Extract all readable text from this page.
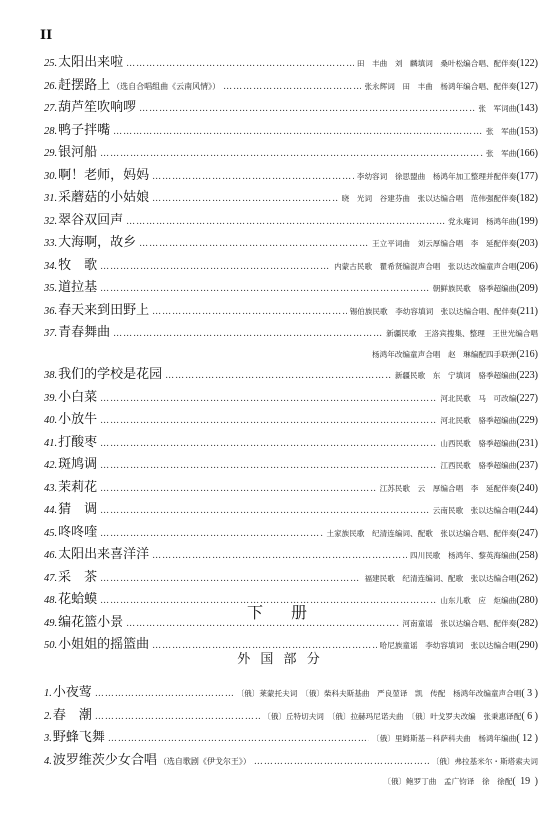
II
25. 太阳出来啦 ………………………………………………………………………………………………………………………………………………	田　丰曲　刘　麟填词　桑叶松编合唱、配伴奏 (122)
26. 赶摆路上 （选自合唱组曲《云南风情》） ………………………………………………………………………………………………………………………………………………	张永辉词　田　丰曲　杨鸿年编合唱、配伴奏 (127)
27. 葫芦笙吹响啰 ………………………………………………………………………………………………………………………………………………	张　军词曲 (143)
28. 鸭子拌嘴 ………………………………………………………………………………………………………………………………………………	张　军曲 (153)
29. 银河船 ………………………………………………………………………………………………………………………………………………	张　军曲 (166)
30. 啊！老师，妈妈 ………………………………………………………………………………………………………………………………………………	李幼容词　徐思盟曲　杨鸿年加工整理并配伴奏 (177)
31. 采蘑菇的小姑娘 ………………………………………………………………………………………………………………………………………………	晓　光词　谷建芬曲　张以达编合唱　范伟强配伴奏 (182)
32. 翠谷双回声 ………………………………………………………………………………………………………………………………………………	党永庵词　杨鸿年曲 (199)
33. 大海啊，故乡 ………………………………………………………………………………………………………………………………………………	王立平词曲　刘云厚编合唱　李　延配伴奏 (203)
34. 牧　歌 ………………………………………………………………………………………………………………………………………………	内蒙古民歌　瞿希贤编混声合唱　张以达改编童声合唱 (206)
35. 道拉基 ………………………………………………………………………………………………………………………………………………	朝鲜族民歌　骆季超编曲 (209)
36. 春天来到田野上 ………………………………………………………………………………………………………………………………………………	锡伯族民歌　李幼容填词　张以达编合唱、配伴奏 (211)
37. 青春舞曲 ………………………………………………………………………………………………………………………………………………	新疆民歌　王洛宾搜集、整理　王世光编合唱
杨鸿年改编童声合唱　赵　琳编配四手联弹(216)
38. 我们的学校是花园 ………………………………………………………………………………………………………………………………………………	新疆民歌　东　宁填词　骆季超编曲 (223)
39. 小白菜 ………………………………………………………………………………………………………………………………………………	河北民歌　马　可改编 (227)
40. 小放牛 ………………………………………………………………………………………………………………………………………………	河北民歌　骆季超编曲 (229)
41. 打酸枣 ………………………………………………………………………………………………………………………………………………	山西民歌　骆季超编曲 (231)
42. 斑鸠调 ………………………………………………………………………………………………………………………………………………	江西民歌　骆季超编曲 (237)
43. 茉莉花 ………………………………………………………………………………………………………………………………………………	江苏民歌　云　厚编合唱　李　延配伴奏 (240)
44. 猜　调 ………………………………………………………………………………………………………………………………………………	云南民歌　张以达编合唱 (244)
45. 咚咚喹 ………………………………………………………………………………………………………………………………………………	土家族民歌　纪清连编词、配歌　张以达编合唱、配伴奏 (247)
46. 太阳出来喜洋洋 ………………………………………………………………………………………………………………………………………………	四川民歌　杨鸿年、黎英海编曲 (258)
47. 采　茶 ………………………………………………………………………………………………………………………………………………	福建民歌　纪清连编词、配歌　张以达编合唱 (262)
48. 花蛤蟆 ………………………………………………………………………………………………………………………………………………	山东儿歌　应　炬编曲 (280)
49. 编花篮小景 ………………………………………………………………………………………………………………………………………………	河南童谣　张以达编合唱、配伴奏 (282)
50. 小姐姐的摇篮曲 ………………………………………………………………………………………………………………………………………………	哈尼族童谣　李幼容填词　张以达编合唱 (290)
下　册
外 国 部 分
1. 小夜莺 ………………………………………………………………………………………………………………………………………………	〔俄〕莱蒙托夫词　〔俄〕柴科夫斯基曲　严良堃译　凯　传配　杨鸿年改编童声合唱 ( 3 )
2. 春　潮 ………………………………………………………………………………………………………………………………………………	〔俄〕丘特切夫词　〔俄〕拉赫玛尼诺夫曲　〔俄〕叶戈罗夫改编　张秉惠译配 ( 6 )
3. 野蜂飞舞 ………………………………………………………………………………………………………………………………………………	〔俄〕里姆斯基－科萨科夫曲　杨鸿年编曲 ( 12 )
4. 波罗维茨少女合唱 （选自歌剧《伊戈尔王》） ………………………………………………………………………………………………………………………………………………	〔俄〕弗拉基米尔・斯塔索夫词
〔俄〕鲍罗丁曲　孟广钧译　徐　徐配( 19 )
